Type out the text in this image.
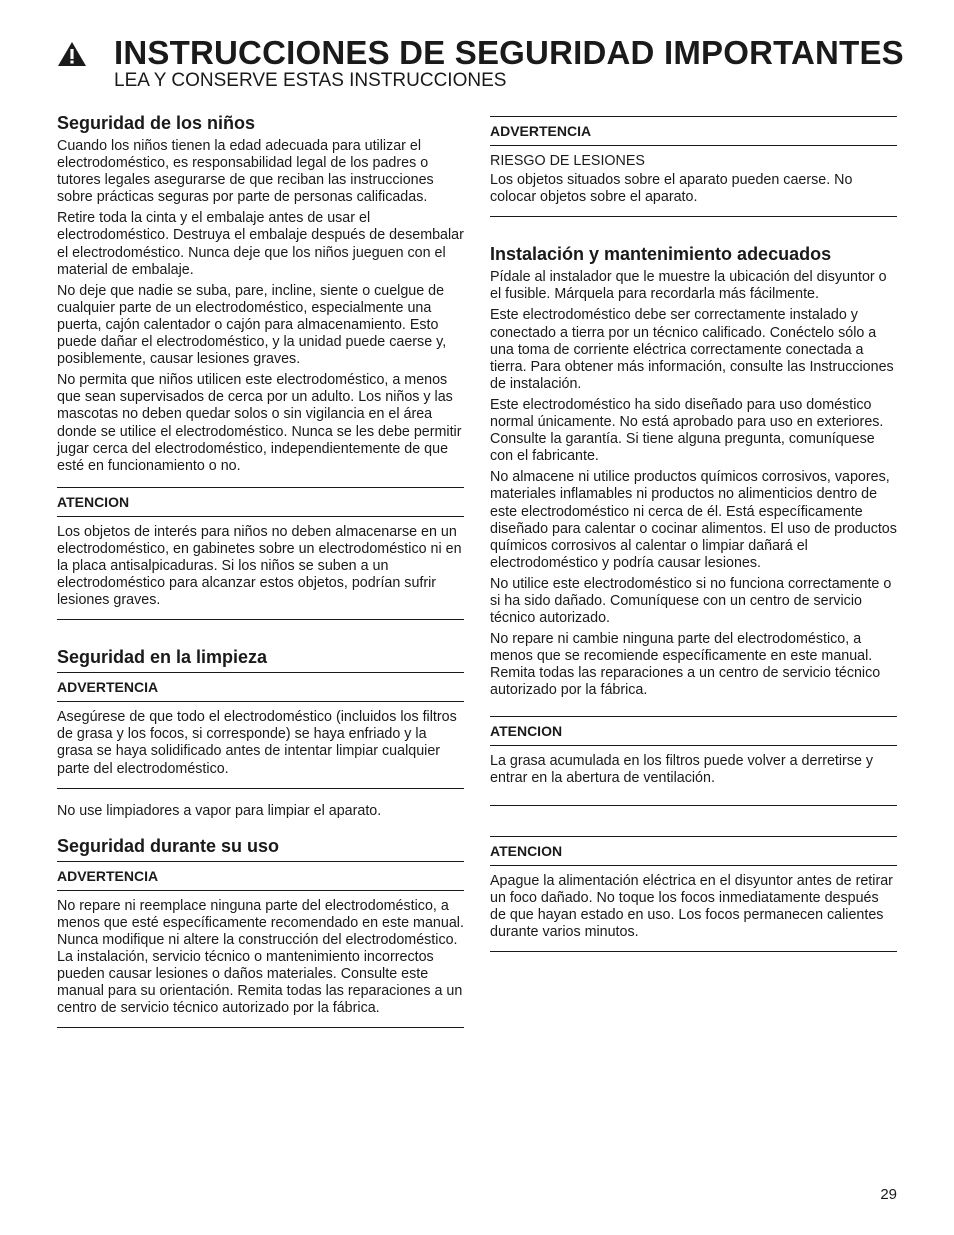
INSTRUCCIONES DE SEGURIDAD IMPORTANTES
LEA Y CONSERVE ESTAS INSTRUCCIONES
Seguridad de los niños

Cuando los niños tienen la edad adecuada para utilizar el electrodoméstico, es responsabilidad legal de los padres o tutores legales asegurarse de que reciban las instrucciones sobre prácticas seguras por parte de personas calificadas.

Retire toda la cinta y el embalaje antes de usar el electrodoméstico. Destruya el embalaje después de desembalar el electrodoméstico. Nunca deje que los niños jueguen con el material de embalaje.

No deje que nadie se suba, pare, incline, siente o cuelgue de cualquier parte de un electrodoméstico, especialmente una puerta, cajón calentador o cajón para almacenamiento. Esto puede dañar el electrodoméstico, y la unidad puede caerse y, posiblemente, causar lesiones graves.

No permita que niños utilicen este electrodoméstico, a menos que sean supervisados de cerca por un adulto. Los niños y las mascotas no deben quedar solos o sin vigilancia en el área donde se utilice el electrodoméstico. Nunca se les debe permitir jugar cerca del electrodoméstico, independientemente de que esté en funcionamiento o no.

ATENCION

Los objetos de interés para niños no deben almacenarse en un electrodoméstico, en gabinetes sobre un electrodoméstico ni en la placa antisalpicaduras. Si los niños se suben a un electrodoméstico para alcanzar estos objetos, podrían sufrir lesiones graves.

Seguridad en la limpieza
ADVERTENCIA

Asegúrese de que todo el electrodoméstico (incluidos los filtros de grasa y los focos, si corresponde) se haya enfriado y la grasa se haya solidificado antes de intentar limpiar cualquier parte del electrodoméstico.

No use limpiadores a vapor para limpiar el aparato.

Seguridad durante su uso
ADVERTENCIA

No repare ni reemplace ninguna parte del electrodoméstico, a menos que esté específicamente recomendado en este manual. Nunca modifique ni altere la construcción del electrodoméstico. La instalación, servicio técnico o mantenimiento incorrectos pueden causar lesiones o daños materiales. Consulte este manual para su orientación. Remita todas las reparaciones a un centro de servicio técnico autorizado por la fábrica.

ADVERTENCIA

RIESGO DE LESIONES

Los objetos situados sobre el aparato pueden caerse. No colocar objetos sobre el aparato.

Instalación y mantenimiento adecuados

Pídale al instalador que le muestre la ubicación del disyuntor o el fusible. Márquela para recordarla más fácilmente.

Este electrodoméstico debe ser correctamente instalado y conectado a tierra por un técnico calificado. Conéctelo sólo a una toma de corriente eléctrica correctamente conectada a tierra. Para obtener más información, consulte las Instrucciones de instalación.

Este electrodoméstico ha sido diseñado para uso doméstico normal únicamente. No está aprobado para uso en exteriores. Consulte la garantía. Si tiene alguna pregunta, comuníquese con el fabricante.

No almacene ni utilice productos químicos corrosivos, vapores, materiales inflamables ni productos no alimenticios dentro de este electrodoméstico ni cerca de él. Está específicamente diseñado para calentar o cocinar alimentos. El uso de productos químicos corrosivos al calentar o limpiar dañará el electrodoméstico y podría causar lesiones.

No utilice este electrodoméstico si no funciona correctamente o si ha sido dañado. Comuníquese con un centro de servicio técnico autorizado.

No repare ni cambie ninguna parte del electrodoméstico, a menos que se recomiende específicamente en este manual. Remita todas las reparaciones a un centro de servicio técnico autorizado por la fábrica.

ATENCION

La grasa acumulada en los filtros puede volver a derretirse y entrar en la abertura de ventilación.

ATENCION

Apague la alimentación eléctrica en el disyuntor antes de retirar un foco dañado. No toque los focos inmediatamente después de que hayan estado en uso. Los focos permanecen calientes durante varios minutos.

29
